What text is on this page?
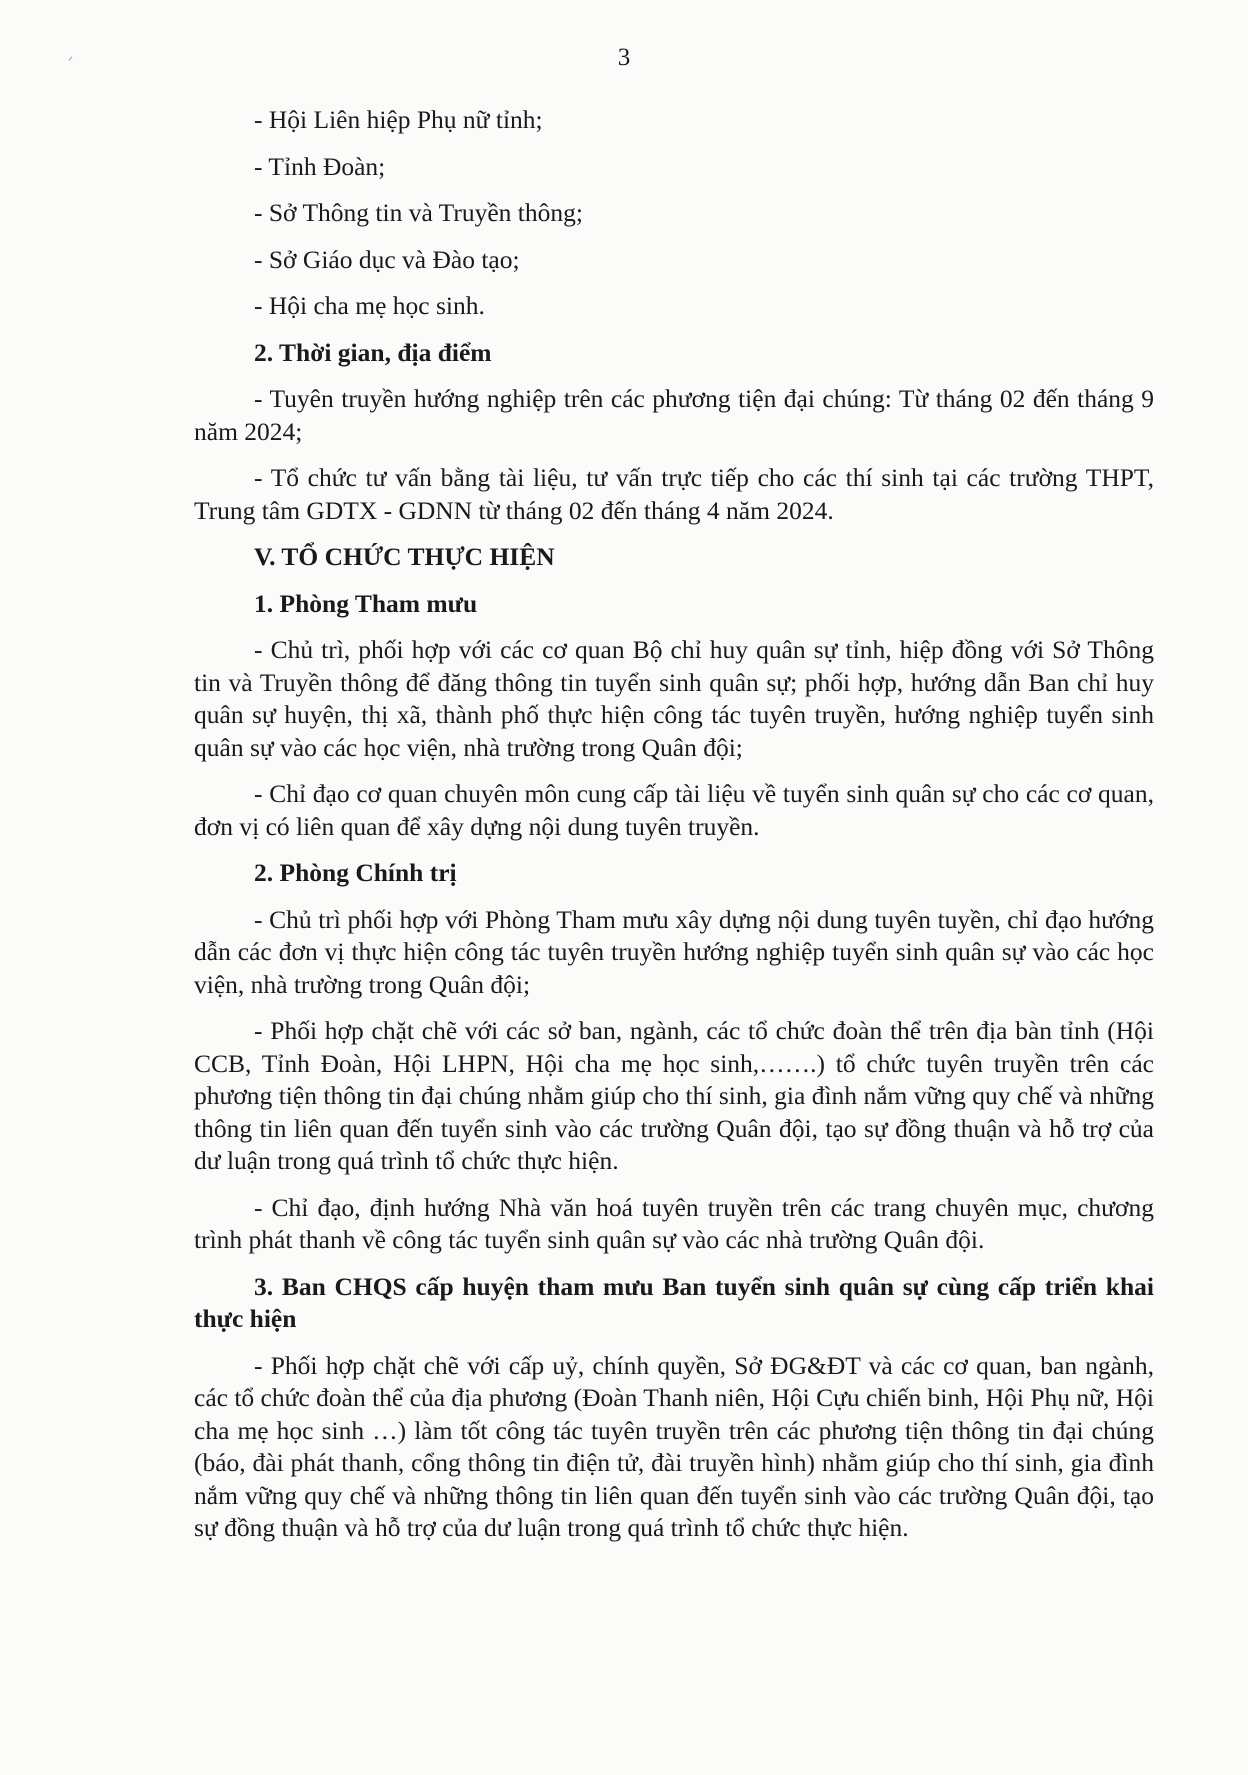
ᐟ	3

- Hội Liên hiệp Phụ nữ tỉnh;

- Tỉnh Đoàn;

- Sở Thông tin và Truyền thông;

- Sở Giáo dục và Đào tạo;

- Hội cha mẹ học sinh.

2. Thời gian, địa điểm

- Tuyên truyền hướng nghiệp trên các phương tiện đại chúng: Từ tháng 02 đến tháng 9 năm 2024;

- Tổ chức tư vấn bằng tài liệu, tư vấn trực tiếp cho các thí sinh tại các trường THPT, Trung tâm GDTX - GDNN từ tháng 02 đến tháng 4 năm 2024.

V. TỔ CHỨC THỰC HIỆN

1. Phòng Tham mưu

- Chủ trì, phối hợp với các cơ quan Bộ chỉ huy quân sự tỉnh, hiệp đồng với Sở Thông tin và Truyền thông để đăng thông tin tuyển sinh quân sự; phối hợp, hướng dẫn Ban chỉ huy quân sự huyện, thị xã, thành phố thực hiện công tác tuyên truyền, hướng nghiệp tuyển sinh quân sự vào các học viện, nhà trường trong Quân đội;

- Chỉ đạo cơ quan chuyên môn cung cấp tài liệu về tuyển sinh quân sự cho các cơ quan, đơn vị có liên quan để xây dựng nội dung tuyên truyền.

2. Phòng Chính trị

- Chủ trì phối hợp với Phòng Tham mưu xây dựng nội dung tuyên tuyền, chỉ đạo hướng dẫn các đơn vị thực hiện công tác tuyên truyền hướng nghiệp tuyển sinh quân sự vào các học viện, nhà trường trong Quân đội;

- Phối hợp chặt chẽ với các sở ban, ngành, các tổ chức đoàn thể trên địa bàn tỉnh (Hội CCB, Tỉnh Đoàn, Hội LHPN, Hội cha mẹ học sinh,…….) tổ chức tuyên truyền trên các phương tiện thông tin đại chúng nhằm giúp cho thí sinh, gia đình nắm vững quy chế và những thông tin liên quan đến tuyển sinh vào các trường Quân đội, tạo sự đồng thuận và hỗ trợ của dư luận trong quá trình tổ chức thực hiện.

- Chỉ đạo, định hướng Nhà văn hoá tuyên truyền trên các trang chuyên mục, chương trình phát thanh về công tác tuyển sinh quân sự vào các nhà trường Quân đội.

3. Ban CHQS cấp huyện tham mưu Ban tuyển sinh quân sự cùng cấp triển khai thực hiện

- Phối hợp chặt chẽ với cấp uỷ, chính quyền, Sở ĐG&ĐT và các cơ quan, ban ngành, các tổ chức đoàn thể của địa phương (Đoàn Thanh niên, Hội Cựu chiến binh, Hội Phụ nữ, Hội cha mẹ học sinh …) làm tốt công tác tuyên truyền trên các phương tiện thông tin đại chúng (báo, đài phát thanh, cổng thông tin điện tử, đài truyền hình) nhằm giúp cho thí sinh, gia đình nắm vững quy chế và những thông tin liên quan đến tuyển sinh vào các trường Quân đội, tạo sự đồng thuận và hỗ trợ của dư luận trong quá trình tổ chức thực hiện.
